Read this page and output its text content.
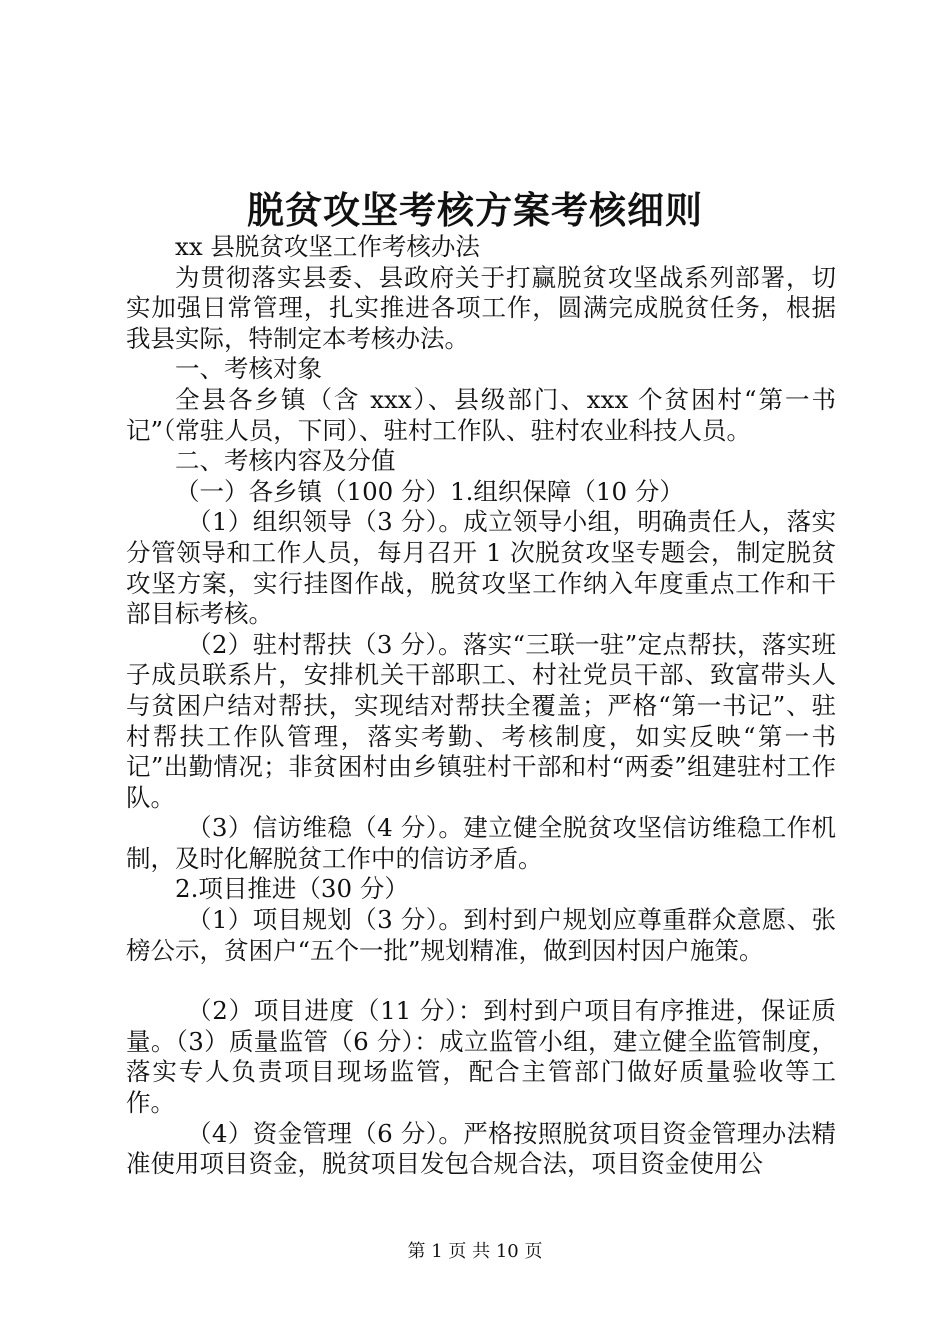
脱贫攻坚考核方案考核细则

xx 县脱贫攻坚工作考核办法

为贯彻落实县委、县政府关于打赢脱贫攻坚战系列部署，切实加强日常管理，扎实推进各项工作，圆满完成脱贫任务，根据我县实际，特制定本考核办法。

一、考核对象

全县各乡镇（含 xxx）、县级部门、xxx 个贫困村“第一书记”（常驻人员，下同）、驻村工作队、驻村农业科技人员。

二、考核内容及分值

（一）各乡镇（100 分）1.组织保障（10 分）

（1）组织领导（3 分）。成立领导小组，明确责任人，落实分管领导和工作人员，每月召开 1 次脱贫攻坚专题会，制定脱贫攻坚方案，实行挂图作战，脱贫攻坚工作纳入年度重点工作和干部目标考核。

（2）驻村帮扶（3 分）。落实“三联一驻”定点帮扶，落实班子成员联系片，安排机关干部职工、村社党员干部、致富带头人与贫困户结对帮扶，实现结对帮扶全覆盖；严格“第一书记”、驻村帮扶工作队管理，落实考勤、考核制度，如实反映“第一书记”出勤情况；非贫困村由乡镇驻村干部和村“两委”组建驻村工作队。

（3）信访维稳（4 分）。建立健全脱贫攻坚信访维稳工作机制，及时化解脱贫工作中的信访矛盾。

2.项目推进（30 分）

（1）项目规划（3 分）。到村到户规划应尊重群众意愿、张榜公示，贫困户“五个一批”规划精准，做到因村因户施策。

（2）项目进度（11 分）：到村到户项目有序推进，保证质量。（3）质量监管（6 分）：成立监管小组，建立健全监管制度，落实专人负责项目现场监管，配合主管部门做好质量验收等工作。

（4）资金管理（6 分）。严格按照脱贫项目资金管理办法精准使用项目资金，脱贫项目发包合规合法，项目资金使用公

第 1 页 共 10 页
